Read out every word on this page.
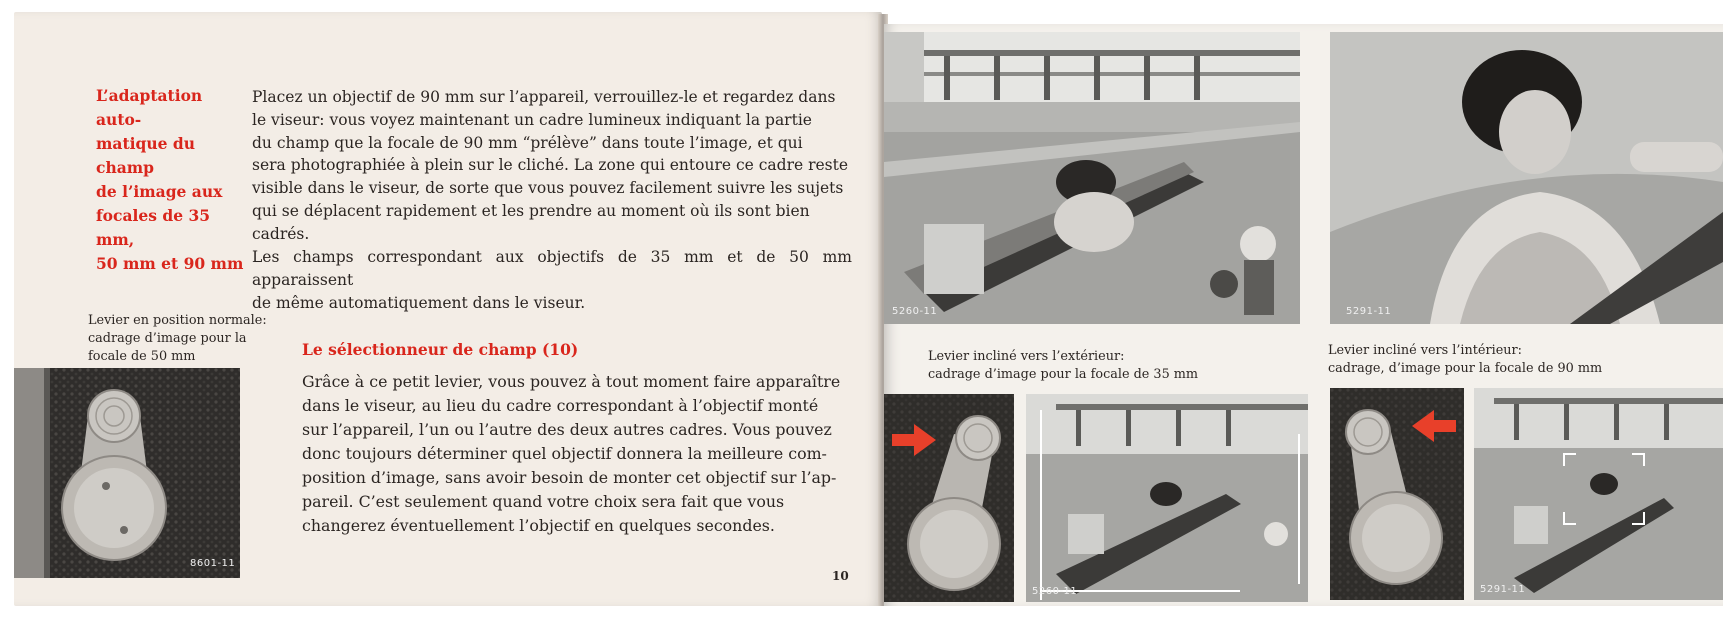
L’adaptation auto-
matique du champ
de l’image aux
focales de 35 mm,
50 mm et 90 mm
Placez un objectif de 90 mm sur l’appareil, verrouillez-le et regardez dans
le viseur: vous voyez maintenant un cadre lumineux indiquant la partie
du champ que la focale de 90 mm “prélève” dans toute l’image, et qui
sera photographiée à plein sur le cliché. La zone qui entoure ce cadre reste
visible dans le viseur, de sorte que vous pouvez facilement suivre les sujets
qui se déplacent rapidement et les prendre au moment où ils sont bien
cadrés.
Les champs correspondant aux objectifs de 35 mm et de 50 mm apparaissent
de même automatiquement dans le viseur.
Levier en position normale:
cadrage d’image pour la
focale de 50 mm	Le sélectionneur de champ (10)
Grâce à ce petit levier, vous pouvez à tout moment faire apparaître
dans le viseur, au lieu du cadre correspondant à l’objectif monté
sur l’appareil, l’un ou l’autre des deux autres cadres. Vous pouvez
donc toujours déterminer quel objectif donnera la meilleure com-
position d’image, sans avoir besoin de monter cet objectif sur l’ap-
pareil. C’est seulement quand votre choix sera fait que vous
changerez éventuellement l’objectif en quelques secondes.
8601-11
10
5260-11	5291-11
Levier incliné vers l’extérieur:
cadrage d’image pour la focale de 35 mm
Levier incliné vers l’intérieur:
cadrage, d’image pour la focale de 90 mm
5260-11	5291-11
